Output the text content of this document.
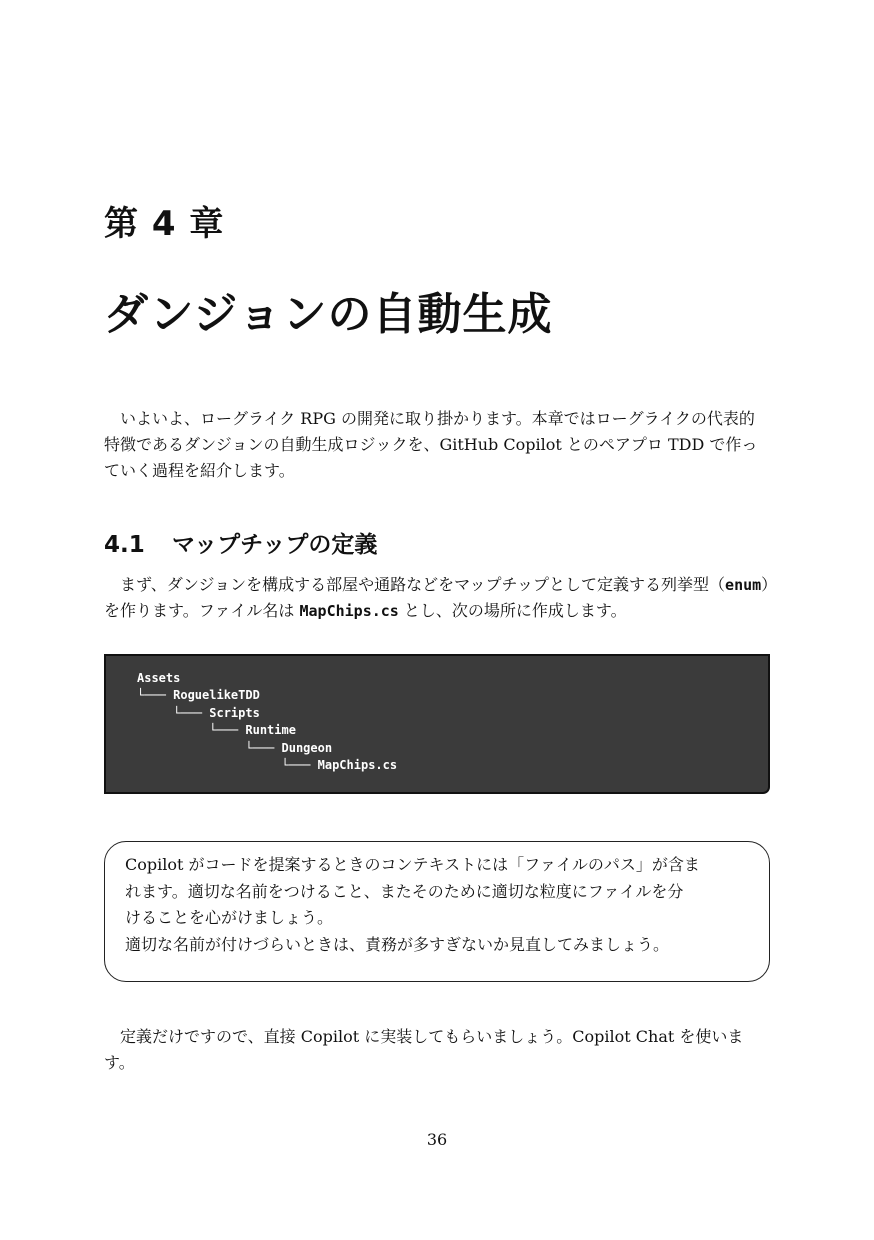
第 4 章
ダンジョンの自動生成

いよいよ、ローグライク RPG の開発に取り掛かります。本章ではローグライクの代表的特徴であるダンジョンの自動生成ロジックを、GitHub Copilot とのペアプロ TDD で作っていく過程を紹介します。

4.1 マップチップの定義

まず、ダンジョンを構成する部屋や通路などをマップチップとして定義する列挙型（enum）を作ります。ファイル名は MapChips.cs とし、次の場所に作成します。

Assets
└─── RoguelikeTDD
└─── Scripts
└─── Runtime
└─── Dungeon
└─── MapChips.cs

Copilot がコードを提案するときのコンテキストには「ファイルのパス」が含ま

れます。適切な名前をつけること、またそのために適切な粒度にファイルを分

けることを心がけましょう。

適切な名前が付けづらいときは、責務が多すぎないか見直してみましょう。

定義だけですので、直接 Copilot に実装してもらいましょう。Copilot Chat を使います。

36
